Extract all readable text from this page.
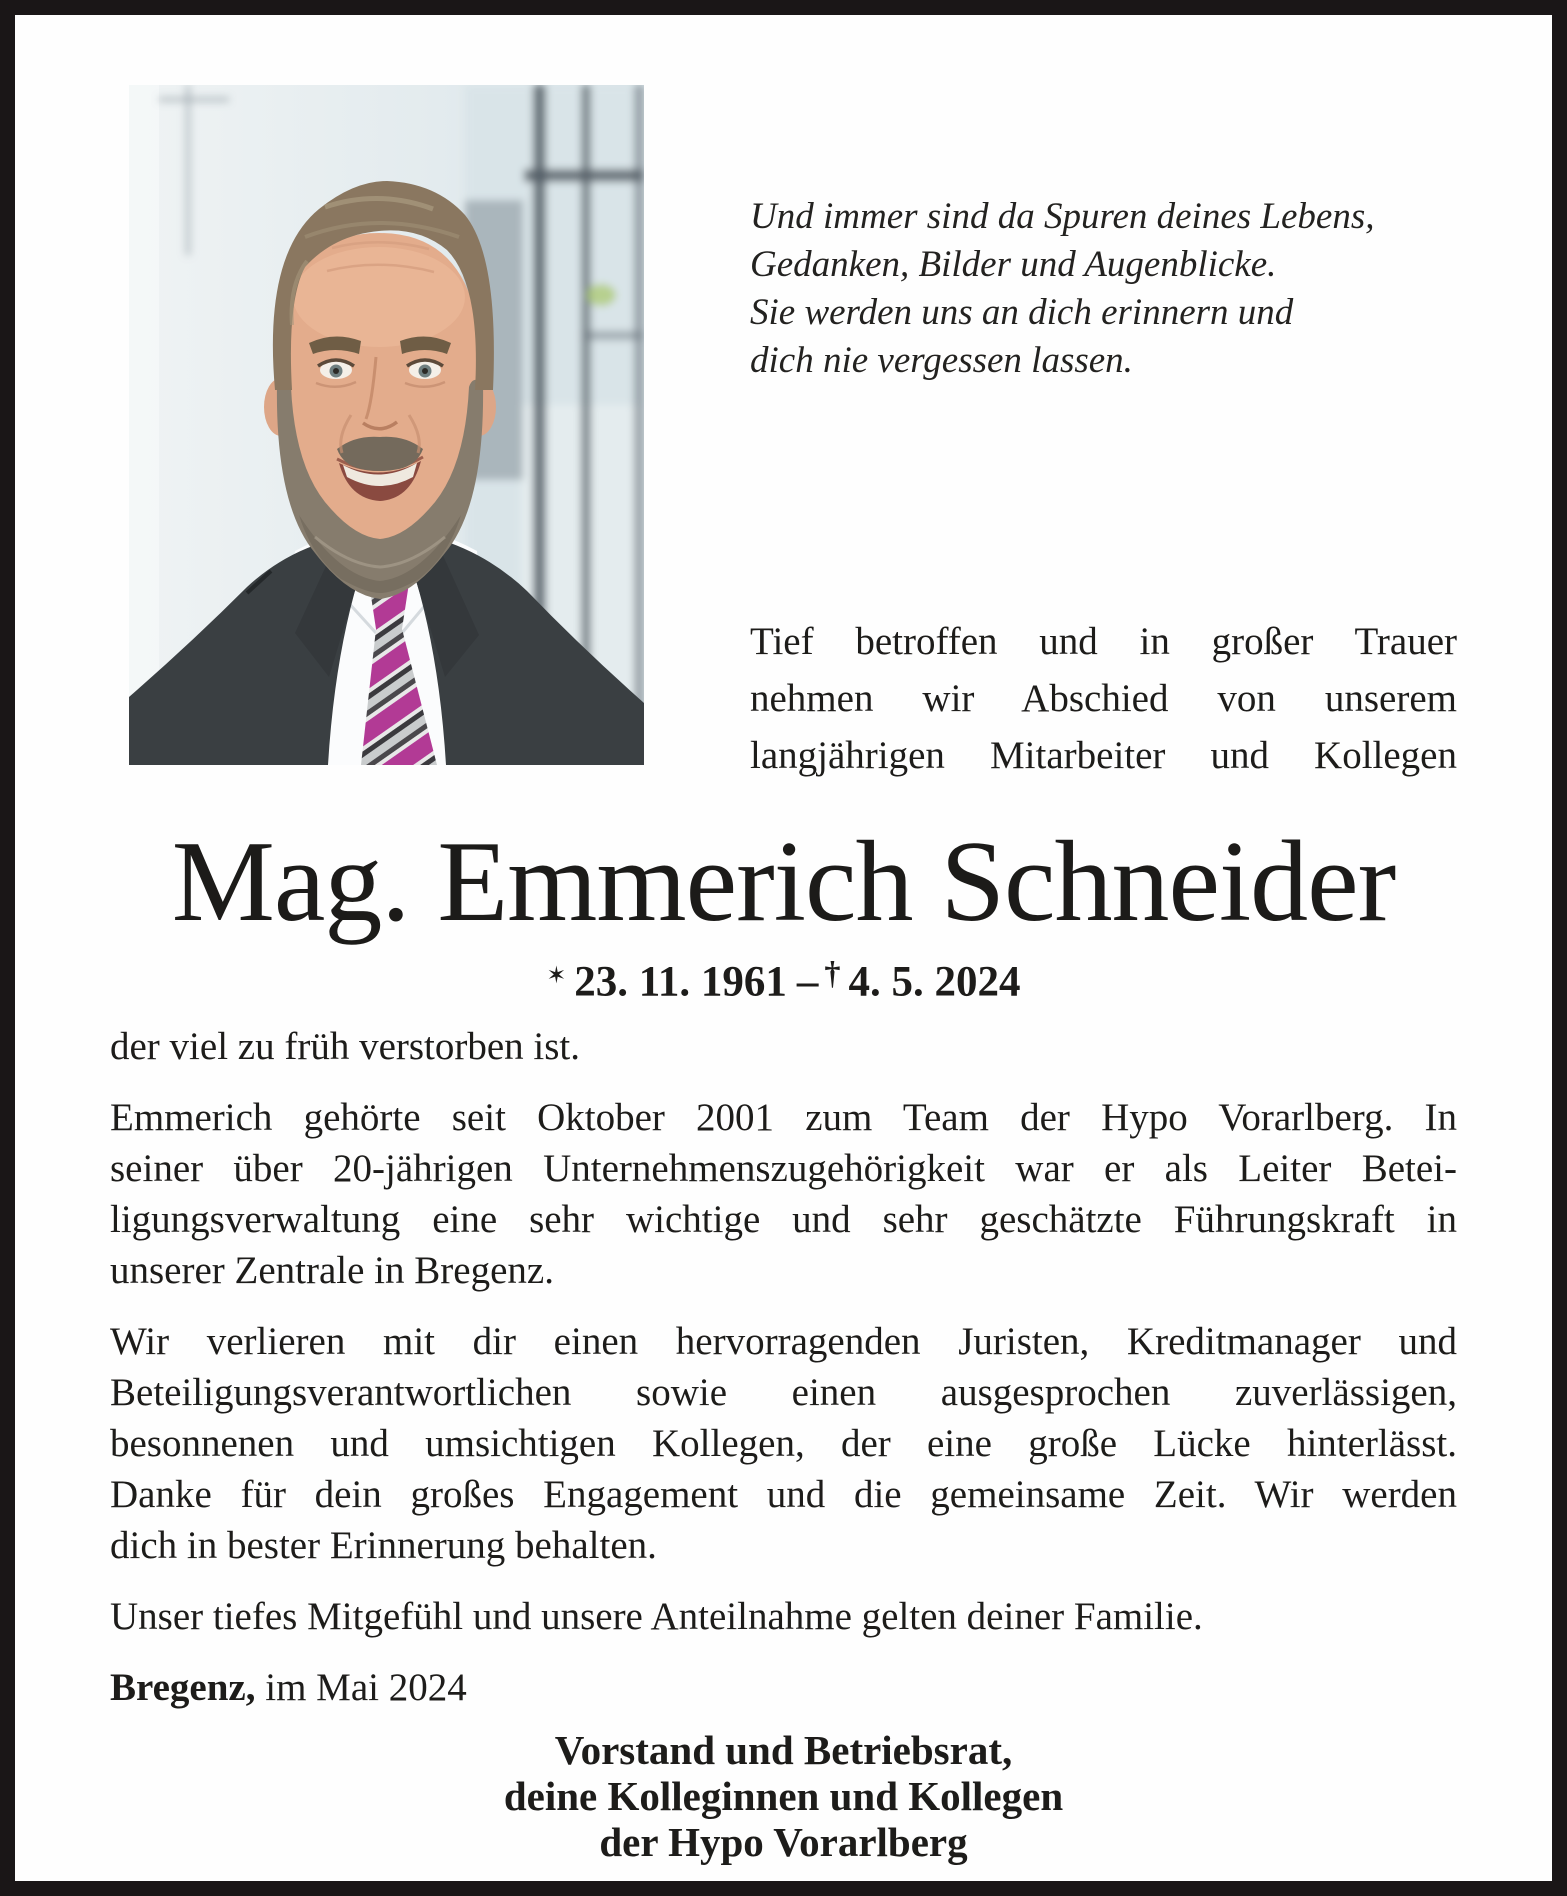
Und immer sind da Spuren deines Lebens,
Gedanken, Bilder und Augenblicke.
Sie werden uns an dich erinnern und
dich nie vergessen lassen.
Tief betroffen und in großer Trauer
nehmen wir Abschied von unserem
langjährigen Mitarbeiter und Kollegen
Mag. Emmerich Schneider
✶ 23. 11. 1961 – † 4. 5. 2024
der viel zu früh verstorben ist.
Emmerich gehörte seit Oktober 2001 zum Team der Hypo Vorarlberg. In
seiner über 20-jährigen Unternehmenszugehörigkeit war er als Leiter Betei-
ligungsverwaltung eine sehr wichtige und sehr geschätzte Führungskraft in
unserer Zentrale in Bregenz.
Wir verlieren mit dir einen hervorragenden Juristen, Kreditmanager und
Beteiligungsverantwortlichen sowie einen ausgesprochen zuverlässigen,
besonnenen und umsichtigen Kollegen, der eine große Lücke hinterlässt.
Danke für dein großes Engagement und die gemeinsame Zeit. Wir werden
dich in bester Erinnerung behalten.
Unser tiefes Mitgefühl und unsere Anteilnahme gelten deiner Familie.
Bregenz, im Mai 2024
Vorstand und Betriebsrat,
deine Kolleginnen und Kollegen
der Hypo Vorarlberg
